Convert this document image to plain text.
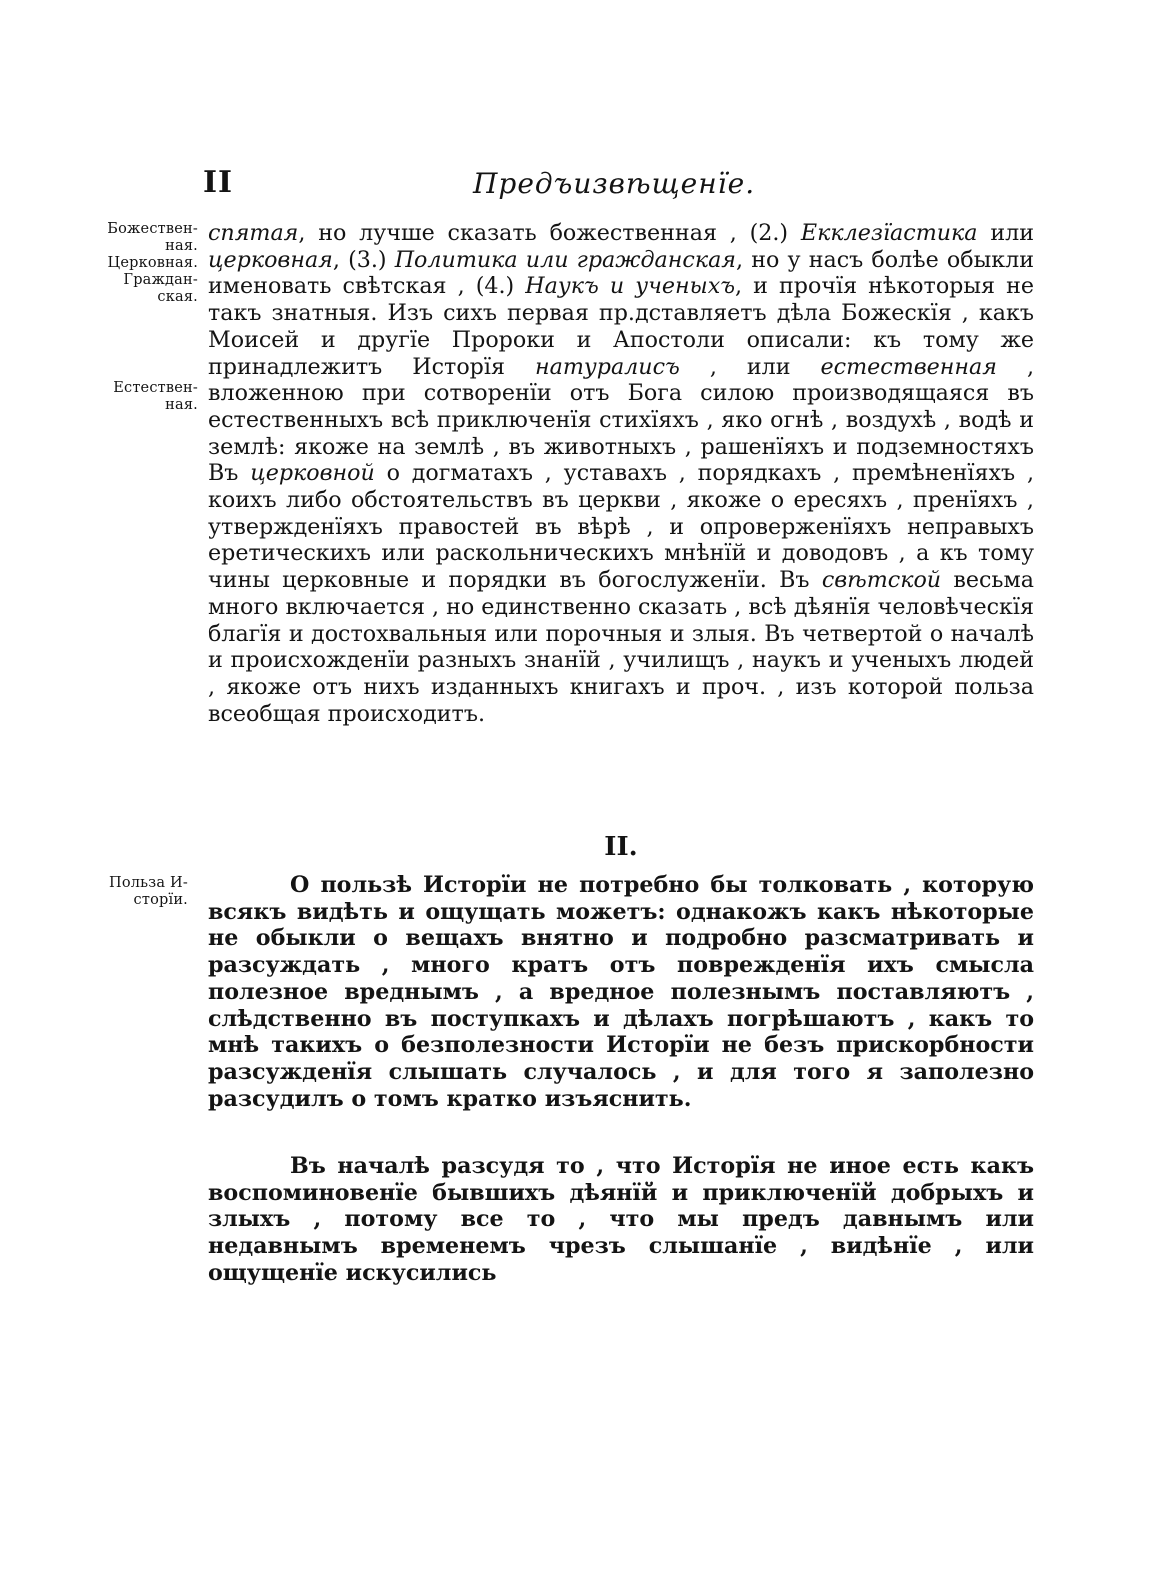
II	Предъизвѣщенїе.

Божествен-

ная.

Церковная.

Граждан-

ская.

Естествен-

ная.

Польза И-

сторїи.

спятая, но лучше сказать божественная , (2.) Екклезїастика или церковная, (3.) Политика или гражданская, но у насъ болѣе обыкли именовать свѣтская , (4.) Наукъ и ученыхъ, и прочїя нѣкоторыя не такъ знатныя. Изъ сихъ первая пр.дставляетъ дѣла Божескїя , какъ Моисей и другїе Пророки и Апостоли описали: къ тому же принадлежитъ Исторїя натуралисъ , или естественная , вложенною при сотворенїи отъ Бога силою производящаяся въ естественныхъ всѣ приключенїя стихїяхъ , яко огнѣ , воздухѣ , водѣ и землѣ: якоже на землѣ , въ животныхъ , рашенїяхъ и подземностяхъ Въ церковной о догматахъ , уставахъ , порядкахъ , премѣненїяхъ , коихъ либо обстоятельствъ въ церкви , якоже о ересяхъ , пренїяхъ , утвержденїяхъ правостей въ вѣрѣ , и опроверженїяхъ неправыхъ еретическихъ или раскольническихъ мнѣнїй и доводовъ , а къ тому чины церковные и порядки въ богослуженїи. Въ свѣтской весьма много включается , но единственно сказать , всѣ дѣянїя человѣческїя благїя и достохвальныя или порочныя и злыя. Въ четвертой о началѣ и происхожденїи разныхъ знанїй , училищъ , наукъ и ученыхъ людей , якоже отъ нихъ изданныхъ книгахъ и проч. , изъ которой польза всеобщая происходитъ.

II.

О пользѣ Исторїи не потребно бы толковать , которую всякъ видѣть и ощущать можетъ: однакожъ какъ нѣкоторые не обыкли о вещахъ внятно и подробно разсматривать и разсуждать , много кратъ отъ поврежденїя ихъ смысла полезное вреднымъ , а вредное полезнымъ поставляютъ , слѣдственно въ поступкахъ и дѣлахъ погрѣшаютъ , какъ то мнѣ такихъ о безполезности Исторїи не безъ прискорбности разсужденїя слышать случалось , и для того я заполезно разсудилъ о томъ кратко изъяснить.

Въ началѣ разсудя то , что Исторїя не иное есть какъ воспоминовенїе бывшихъ дѣянїй и приключенїй добрыхъ и злыхъ , потому все то , что мы предъ давнымъ или недавнымъ временемъ чрезъ слышанїе , видѣнїе , или ощущенїе искусились
